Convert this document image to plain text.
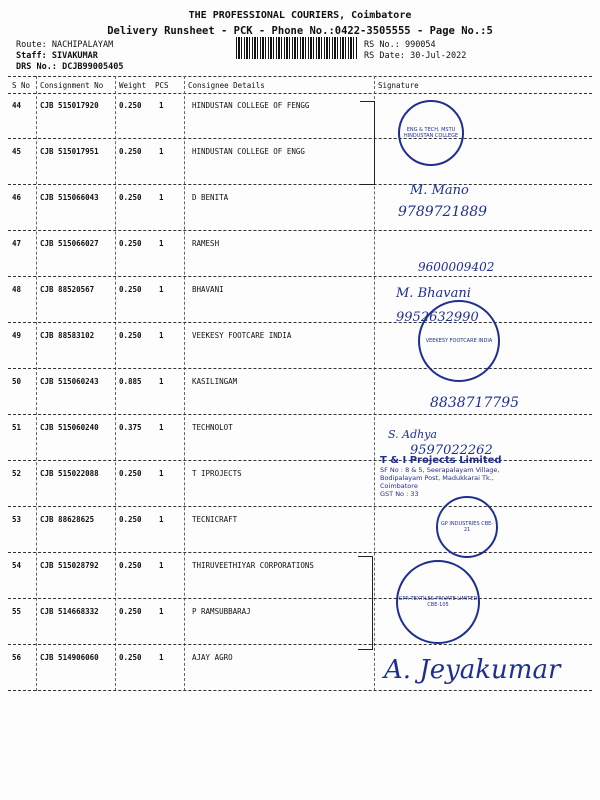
THE PROFESSIONAL COURIERS, Coimbatore
Delivery Runsheet - PCK - Phone No.:0422-3505555 - Page No.:5
Route: NACHIPALAYAM
Staff: SIVAKUMAR
DRS No.: DCJB99005405
RS No.: 990054
RS Date: 30-Jul-2022
S No Consignment No Weight PCS	Consignee Details	Signature
44	CJB 515017920	0.250 1	HINDUSTAN COLLEGE OF FENGG
45	CJB 515017951	0.250 1	HINDUSTAN COLLEGE OF ENGG
46	CJB 515066043	0.250 1	D BENITA
47	CJB 515066027	0.250 1	RAMESH
48	CJB 88520567	0.250 1	BHAVANI
49	CJB 88583102	0.250 1	VEEKESY FOOTCARE INDIA
50	CJB 515060243	0.885 1	KASILINGAM
51	CJB 515060240	0.375 1	TECHNOLOT
52	CJB 515022088	0.250 1	T IPROJECTS
53	CJB 88628625	0.250 1	TECNICRAFT
54	CJB 515028792	0.250 1	THIRUVEETHIYAR CORPORATIONS
55	CJB 514668332	0.250 1	P RAMSUBBARAJ
56	CJB 514906060	0.250 1	AJAY AGRO
M. Mano
9789721889
9600009402
M. Bhavani
9952632990
8838717795
S. Adhya
9597022262
A. Jeyakumar
ENG & TECH. MSTU HINDUSTAN COLLEGE
VEEKESY FOOTCARE INDIA
T & I Projects Limited
SF No : 8 & 5, Seerapalayam Village,
Bodipalayam Post, Madukkarai Tk.,
Coimbatore
GST No : 33
GP INDUSTRIES CBE-21
GPR TEXTILES PRIVATE LIMITED CBE-105
